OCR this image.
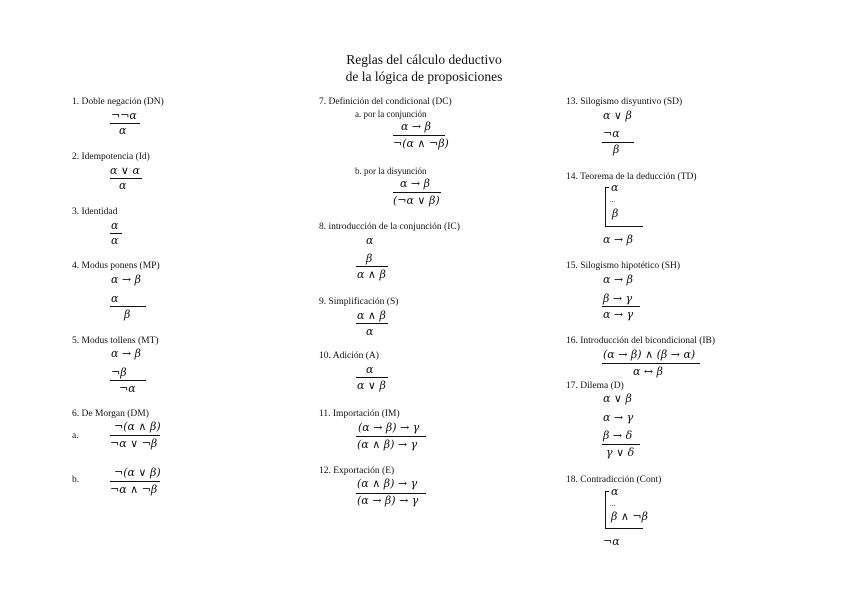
Reglas del cálculo deductivo
de la lógica de proposiciones
1. Doble negación (DN)
¬¬α
α
2. Idempotencia (Id)
α ∨ α
α
3. Identidad
α
α
4. Modus ponens (MP)
α → β
α
β
5. Modus tollens (MT)
α → β
¬β
¬α
6. De Morgan (DM)
a.
¬(α ∧ β)
¬α ∨ ¬β
b.
¬(α ∨ β)
¬α ∧ ¬β
7. Definición del condicional (DC)
a. por la conjunción
α → β
¬(α ∧ ¬β)
b. por la disyunción
α → β
(¬α ∨ β)
8. introducción de la conjunción (IC)
α
β
α ∧ β
9. Simplificación (S)
α ∧ β
α
10. Adición (A)
α
α ∨ β
11. Importación (IM)
(α → β) → γ
(α ∧ β) → γ
12. Exportación (E)
(α ∧ β) → γ
(α → β) → γ
13. Silogismo disyuntivo (SD)
α ∨ β
¬α
β
14. Teorema de la deducción (TD)
α
...
β
α → β
15. Silogismo hipotético (SH)
α → β
β → γ
α → γ
16. Introducción del bicondicional (IB)
(α → β) ∧ (β → α)
α ↔ β
17. Dilema (D)
α ∨ β
α → γ
β → δ
γ ∨ δ
18. Contradicción (Cont)
α
...
β ∧ ¬β
¬α
